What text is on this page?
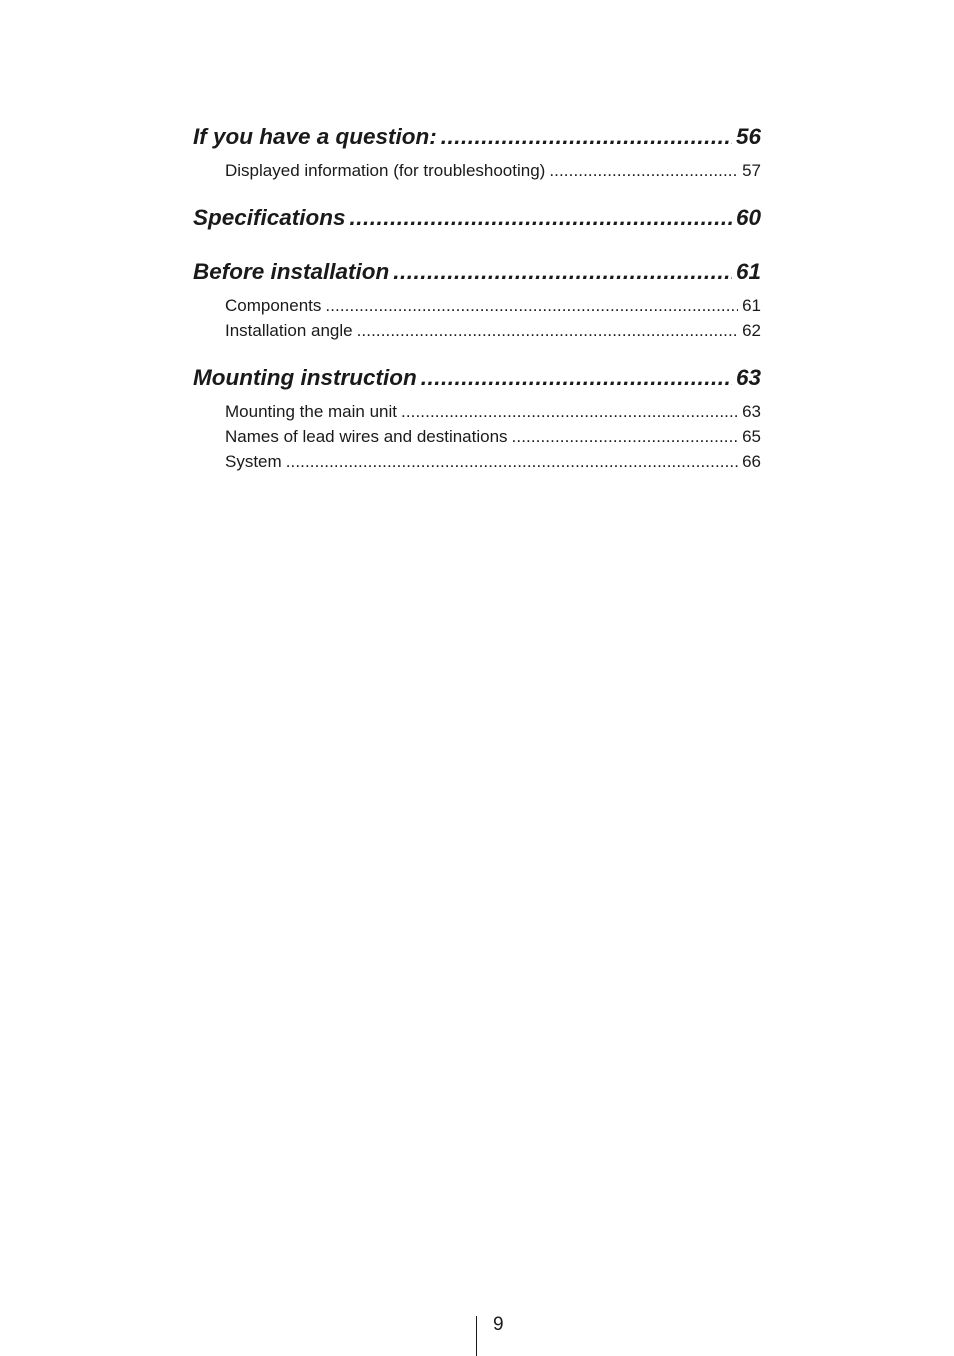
If you have a question: .....	56
Displayed information (for troubleshooting) .....	57
Specifications .....	60
Before installation .....	61
Components .....	61
Installation angle .....	62
Mounting instruction .....	63
Mounting the main unit .....	63
Names of lead wires and destinations .....	65
System .....	66
9
